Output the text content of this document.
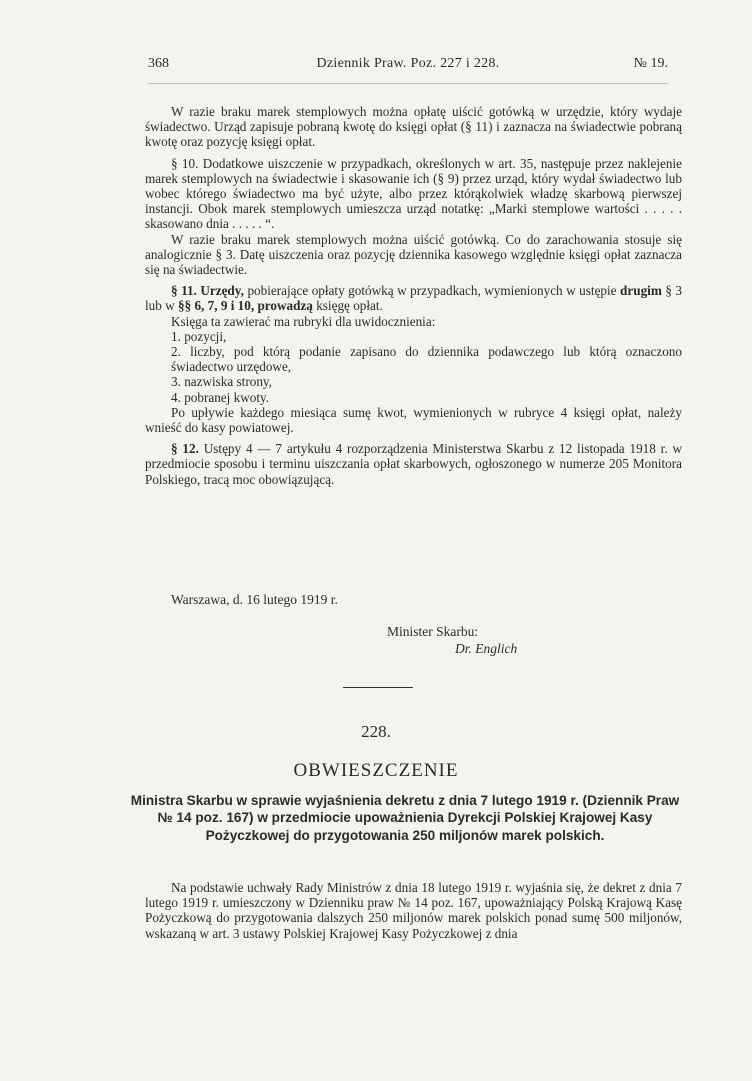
368	Dziennik Praw. Poz. 227 i 228.	№ 19.

W razie braku marek stemplowych można opłatę uiścić gotówką w urzędzie, który wydaje świadectwo. Urząd zapisuje pobraną kwotę do księgi opłat (§ 11) i zaznacza na świadectwie pobraną kwotę oraz pozycję księgi opłat.

§ 10. Dodatkowe uiszczenie w przypadkach, określonych w art. 35, następuje przez naklejenie marek stemplowych na świadectwie i skasowanie ich (§ 9) przez urząd, który wydał świadectwo lub wobec którego świadectwo ma być użyte, albo przez którąkolwiek władzę skarbową pierwszej instancji. Obok marek stemplowych umieszcza urząd notatkę: „Marki stemplowe wartości . . . . . skasowano dnia . . . . . “.

W razie braku marek stemplowych można uiścić gotówką. Co do zarachowania stosuje się analogicznie § 3. Datę uiszczenia oraz pozycję dziennika kasowego względnie księgi opłat zaznacza się na świadectwie.

§ 11. Urzędy, pobierające opłaty gotówką w przypadkach, wymienionych w ustępie drugim § 3 lub w §§ 6, 7, 9 i 10, prowadzą księgę opłat.

Księga ta zawierać ma rubryki dla uwidocznienia:

1. pozycji,

2. liczby, pod którą podanie zapisano do dziennika podawczego lub którą oznaczono świadectwo urzędowe,

3. nazwiska strony,

4. pobranej kwoty.

Po upływie każdego miesiąca sumę kwot, wymienionych w rubryce 4 księgi opłat, należy wnieść do kasy powiatowej.

§ 12. Ustępy 4 — 7 artykułu 4 rozporządzenia Ministerstwa Skarbu z 12 listopada 1918 r. w przedmiocie sposobu i terminu uiszczania opłat skarbowych, ogłoszonego w numerze 205 Monitora Polskiego, tracą moc obowiązującą.

Warszawa, d. 16 lutego 1919 r.
Minister Skarbu:
Dr. Englich
228.
OBWIESZCZENIE
Ministra Skarbu w sprawie wyjaśnienia dekretu z dnia 7 lutego 1919 r. (Dziennik Praw № 14 poz. 167) w przedmiocie upoważnienia Dyrekcji Polskiej Krajowej Kasy Pożyczkowej do przygotowania 250 miljonów marek polskich.

Na podstawie uchwały Rady Ministrów z dnia 18 lutego 1919 r. wyjaśnia się, że dekret z dnia 7 lutego 1919 r. umieszczony w Dzienniku praw № 14 poz. 167, upoważniający Polską Krajową Kasę Pożyczkową do przygotowania dalszych 250 miljonów marek polskich ponad sumę 500 miljonów, wskazaną w art. 3 ustawy Polskiej Krajowej Kasy Pożyczkowej z dnia
